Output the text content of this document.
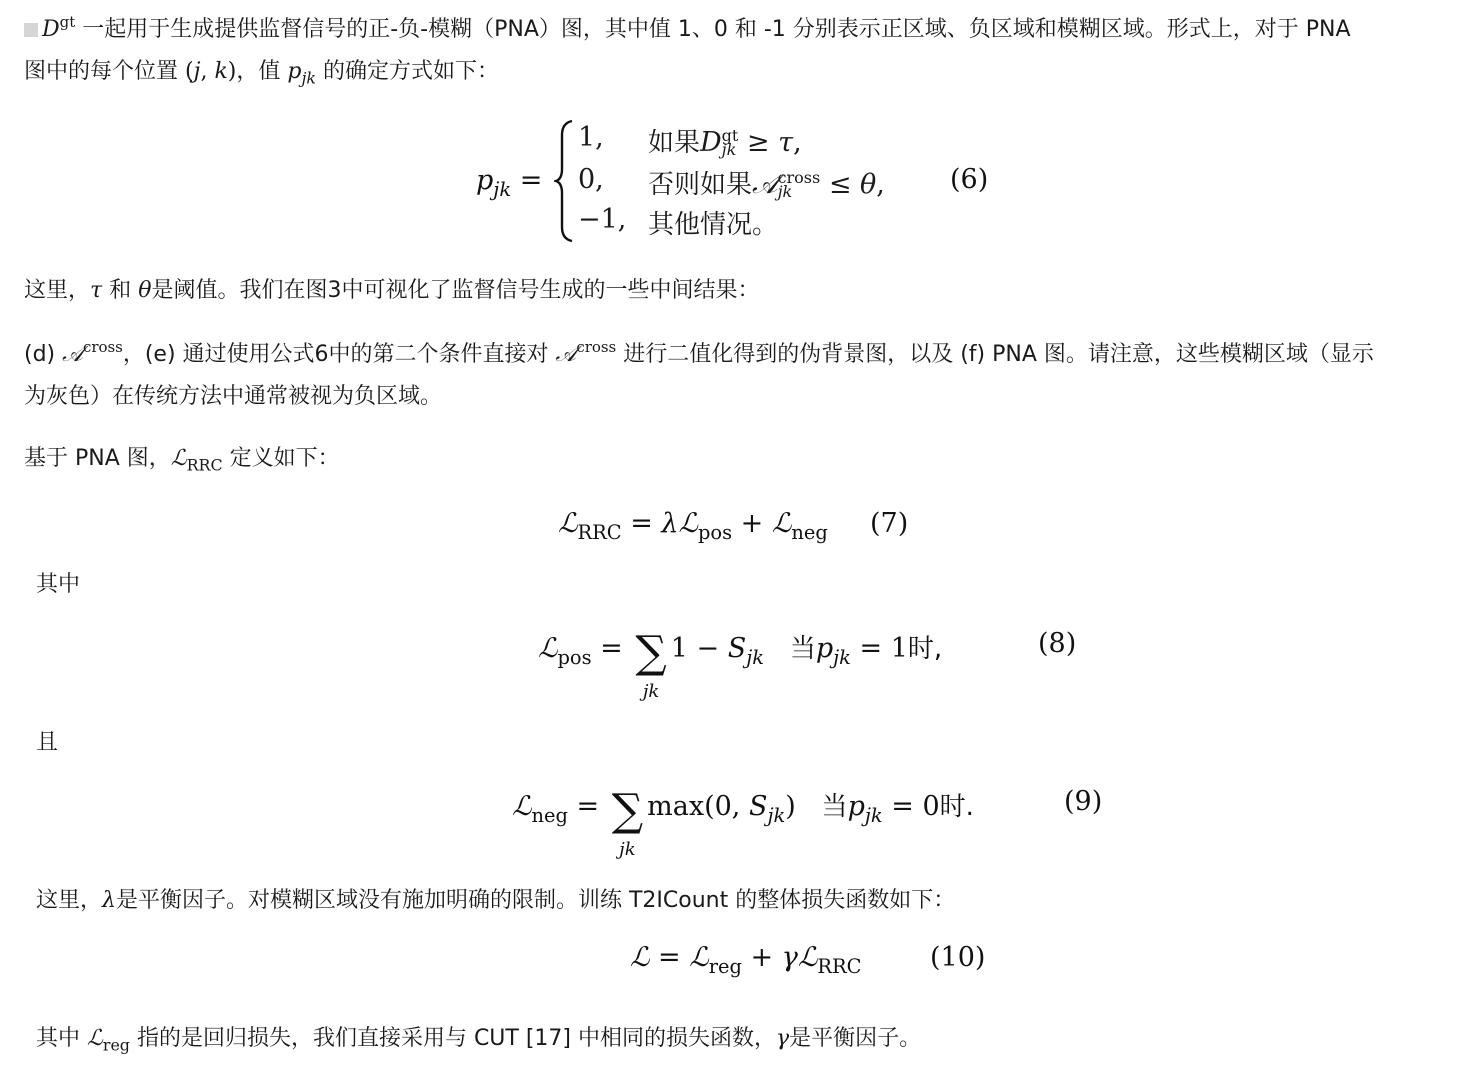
$D^{gt}$ 一起用于生成提供监督信号的正-负-模糊（PNA）图，其中值 1、0 和 -1 分别表示正区域、负区域和模糊区域。形式上，对于 PNA
图中的每个位置 (j, k)，值 $p_{jk}$ 的确定方式如下：
$p_{jk}$ =
1, 如果D gt
jk ≥ τ,
0, 否则如果𝒜 cross
jk	≤ θ,
−1, 其他情况。
(6)
这里，τ 和 θ是阈值。我们在图3中可视化了监督信号生成的一些中间结果：
(d) 𝒜$^{cross}$，(e) 通过使用公式6中的第二个条件直接对 𝒜$^{cross}$ 进行二值化得到的伪背景图，以及 (f) PNA 图。请注意，这些模糊区域（显示
为灰色）在传统方法中通常被视为负区域。
基于 PNA 图，ℒ$_{RRC}$ 定义如下：
ℒ$_{RRC}$ = λℒ$_{pos}$ + ℒ$_{neg}$ (7)
其中
ℒ$_{pos}$ = ∑
jk
$1 - S_{jk}$ 当$p_{jk} = 1$时,	(8)
且
ℒ$_{neg}$ = ∑
jk
max(0, $S_{jk}$)   当$p_{jk} = 0$时.	(9)
这里，λ是平衡因子。对模糊区域没有施加明确的限制。训练 T2ICount 的整体损失函数如下：
ℒ = ℒ$_{reg}$ + γℒ$_{RRC}$	(10)
其中 ℒ$_{reg}$ 指的是回归损失，我们直接采用与 CUT [17] 中相同的损失函数，γ是平衡因子。
